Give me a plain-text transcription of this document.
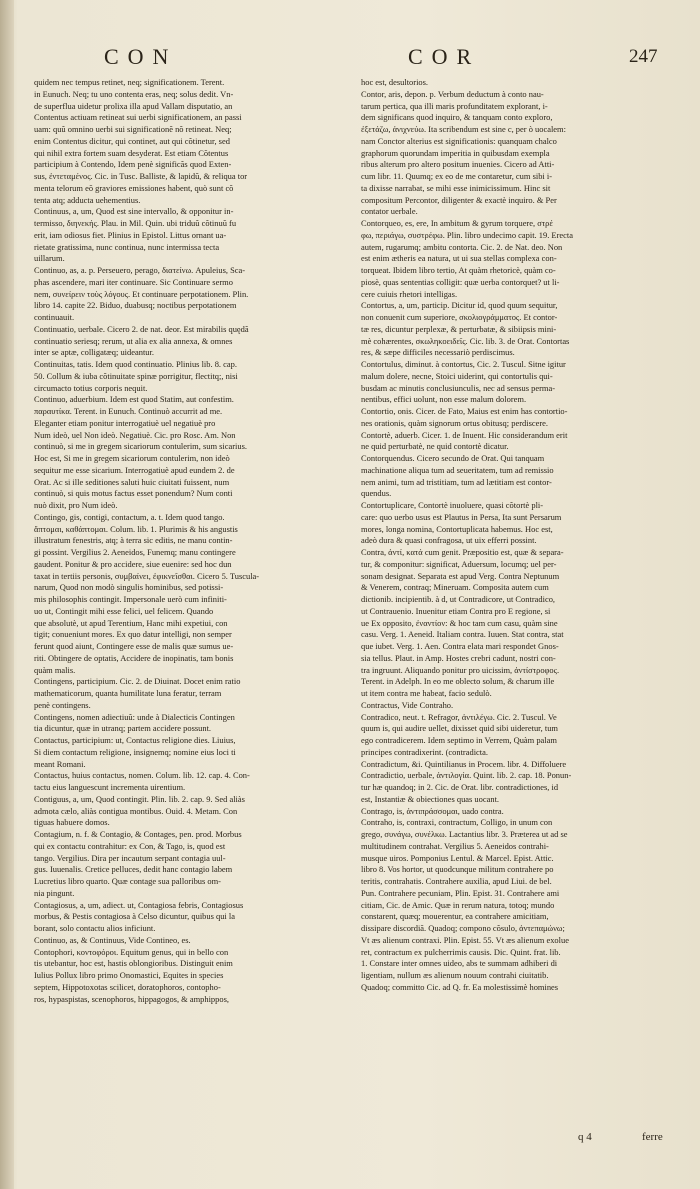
CON	COR	247
quidem nec tempus retinet, neq; significationem. Terent.
in Eunuch. Neq; tu uno contenta eras, neq; solus dedit. Vn-
de superflua uidetur prolixa illa apud Vallam disputatio, an
Contentus actiuam retineat sui uerbi significationem, an passi
uam: quũ omnino uerbi sui significationẽ nõ retineat. Neq;
enim Contentus dicitur, qui continet, aut qui cõtinetur, sed
qui nihil extra fortem suam desyderat. Est etiam Cõtentus
participium à Contendo, Idem penè significãs quod Exten-
sus, ἐντεταμένος. Cic. in Tusc. Balliste, & lapidũ, & reliqua tor
menta telorum eõ graviores emissiones habent, quò sunt cõ
tenta atq; adducta uehementius.
Continuus, a, um, Quod est sine intervallo, & opponitur in-
termisso, διηνεκής. Plau. in Mil. Quin. ubi triduũ cõtinuũ fu
erit, iam odiosus fiet. Plinius in Epistol. Littus ornant ua-
rietate gratissima, nunc continua, nunc intermissa tecta
uillarum.
Continuo, as, a. p. Perseuero, perago, διατείνω. Apuleius, Sca-
phas ascendere, mari iter continuare. Sic Continuare sermo
nem, συνείρειν τοὺς λόγους. Et continuare perpotationem. Plin.
libro 14. capite 22. Biduo, duabusq; noctibus perpotationem
continuauit.
Continuatio, uerbale. Cicero 2. de nat. deor. Est mirabilis quędã
continuatio seriesq; rerum, ut alia ex alia annexa, & omnes
inter se aptæ, colligatæq; uideantur.
Continuitas, tatis. Idem quod continuatio. Plinius lib. 8. cap.
50. Collum & iuba cõtinuitate spinæ porrigitur, flectitq;, nisi
circumacto totius corporis nequit.
Continuo, aduerbium. Idem est quod Statim, aut confestim.
παραυτίκα. Terent. in Eunuch. Continuò accurrit ad me.
Eleganter etiam ponitur interrogatiuè uel negatiuè pro
Num ideò, uel Non ideò. Negatiuè. Cic. pro Rosc. Am. Non
continuò, si me in gregem sicariorum contulerim, sum sicarius.
Hoc est, Si me in gregem sicariorum contulerim, non ideò
sequitur me esse sicarium. Interrogatiuè apud eundem 2. de
Orat. Ac si ille seditiones saluti huic ciuitati fuissent, num
continuò, si quis motus factus esset ponendum? Num conti
nuò dixit, pro Num ideò.
Contingo, gis, contigi, contactum, a. t. Idem quod tango.
ἅπτομαι, καθάπτομαι. Colum. lib. 1. Plurimis & his angustis
illustratum fenestris, atq; à terra sic editis, ne manu contin-
gi possint. Vergilius 2. Aeneidos, Funemq; manu contingere
gaudent. Ponitur & pro accidere, siue euenire: sed hoc dun
taxat in tertiis personis, συμβαίνει, ἐφικνεῖσθαι. Cicero 5. Tuscula-
narum, Quod non modò singulis hominibus, sed potissi-
mis philosophis contingit. Impersonale uerò cum infiniti-
uo ut, Contingit mihi esse felici, uel felicem. Quando
que absolutè, ut apud Terentium, Hanc mihi expetiui, con
tigit; conueniunt mores. Ex quo datur intelligi, non semper
ferunt quod aiunt, Contingere esse de malis quæ sumus ue-
riti. Obtingere de optatis, Accidere de inopinatis, tam bonis
quàm malis.
Contingens, participium. Cic. 2. de Diuinat. Docet enim ratio
mathematicorum, quanta humilitate luna feratur, terram
penè contingens.
Contingens, nomen adiectiuũ: unde à Dialecticis Contingen
tia dicuntur, quæ in utranq; partem accidere possunt.
Contactus, participium: ut, Contactus religione dies. Liuius,
Si diem contactum religione, insignemq; nomine eius loci ti
meant Romani.
Contactus, huius contactus, nomen. Colum. lib. 12. cap. 4. Con-
tactu eius languescunt incrementa uirentium.
Contiguus, a, um, Quod contingit. Plin. lib. 2. cap. 9. Sed aliàs
admota cælo, aliàs contigua montibus. Ouid. 4. Metam. Con
tiguas habuere domos.
Contagium, n. f. & Contagio, & Contages, pen. prod. Morbus
qui ex contactu contrahitur: ex Con, & Tago, is, quod est
tango. Vergilius. Dira per incautum serpant contagia uul-
gus. Iuuenalis. Cretice pelluces, dedit hanc contagio labem
Lucretius libro quarto. Quæ contage sua palloribus om-
nia pingunt.
Contagiosus, a, um, adiect. ut, Contagiosa febris, Contagiosus
morbus, & Pestis contagiosa à Celso dicuntur, quibus qui la
borant, solo contactu alios inficiunt.
Continuo, as, & Continuus, Vide Contineo, es.
Contophori, κοντοφόροι. Equitum genus, qui in bello con
tis utebantur, hoc est, hastis oblongioribus. Distinguit enim
Iulius Pollux libro primo Onomastici, Equites in species
septem, Hippotoxotas scilicet, doratophoros, contopho-
ros, hypaspistas, scenophoros, hippagogos, & amphippos,
hoc est, desultorios.
Contor, aris, depon. p. Verbum deductum à conto nau-
tarum pertica, qua illi maris profunditatem explorant, i-
dem significans quod inquiro, & tanquam conto exploro,
ἐξετάζω, ἀνιχνεύω. Ita scribendum est sine c, per ò uocalem:
nam Conctor alterius est significationis: quanquam chalco
graphorum quorundam imperitia in quibusdam exempla
ribus alterum pro altero positum inuenies. Cicero ad Atti-
cum libr. 11. Quumq; ex eo de me contaretur, cum sibi i-
ta dixisse narrabat, se mihi esse inimicissimum. Hinc sit
compositum Percontor, diligenter & exactè inquiro. & Per
contator uerbale.
Contorqueo, es, ere, In ambitum & gyrum torquere, στρέ
φω, περιάγω, συστρέφω. Plin. libro undecimo capit. 19. Erecta
autem, rugarumq; ambitu contorta. Cic. 2. de Nat. deo. Non
est enim ætheris ea natura, ut ui sua stellas complexa con-
torqueat. Ibidem libro tertio, At quàm rhetoricè, quàm co-
piosè, quas sententias colligit: quæ uerba contorquet? ut li-
cere cuiuis rhetori intelligas.
Contortus, a, um, particip. Dicitur id, quod quum sequitur,
non conuenit cum superiore, σκολιογράμματος. Et contor-
tæ res, dicuntur perplexæ, & perturbatæ, & sibiipsis mini-
mè cohærentes, σκωληκοειδεῖς. Cic. lib. 3. de Orat. Contortas
res, & sæpe difficiles necessariò perdiscimus.
Contortulus, diminut. à contortus, Cic. 2. Tuscul. Sitne igitur
malum dolere, necne, Stoici uiderint, qui contortulis qui-
busdam ac minutis conclusiunculis, nec ad sensus perma-
nentibus, effici uolunt, non esse malum dolorem.
Contortio, onis. Cicer. de Fato, Maius est enim has contortio-
nes orationis, quàm signorum ortus obitusq; perdiscere.
Contortè, aduerb. Cicer. 1. de Inuent. Hic considerandum erit
ne quid perturbatè, ne quid contortè dicatur.
Contorquendus. Cicero secundo de Orat. Qui tanquam
machinatione aliqua tum ad seueritatem, tum ad remissio
nem animi, tum ad tristitiam, tum ad lætitiam est contor-
quendus.
Contortuplicare, Contortè inuoluere, quasi cõtortè pli-
care: quo uerbo usus est Plautus in Persa, Ita sunt Persarum
mores, longa nomina, Contortuplicata habemus. Hoc est,
adeò dura & quasi confragosa, ut uix efferri possint.
Contra, ἀντί, κατά cum genit. Præpositio est, quæ & separa-
tur, & componitur: significat, Aduersum, locumq; uel per-
sonam designat. Separata est apud Verg. Contra Neptunum
& Venerem, contraq; Mineruam. Composita autem cum
dictionib. incipientib. à d, ut Contradicore, ut Contradico,
ut Contrauenio. Inuenitur etiam Contra pro E regione, si
ue Ex opposito, ἐναντίον: & hoc tam cum casu, quàm sine
casu. Verg. 1. Aeneid. Italiam contra. Iuuen. Stat contra, stat
que iubet. Verg. 1. Aen. Contra elata mari respondet Gnos-
sia tellus. Plaut. in Amp. Hostes crebri cadunt, nostri con-
tra ingruunt. Aliquando ponitur pro uicissim, ἀντίστροφος.
Terent. in Adelph. In eo me oblecto solum, & charum ille
ut item contra me habeat, facio sedulò.
Contractus, Vide Contraho.
Contradico, neut. t. Refragor, ἀντιλέγω. Cic. 2. Tuscul. Ve
quum is, qui audire uellet, dixisset quid sibi uideretur, tum
ego contradicerem. Idem septimo in Verrem, Quàm palam
principes contradixerint. (contradicta.
Contradictum, &i. Quintilianus in Procem. libr. 4. Diffoluere
Contradictio, uerbale, ἀντιλογία. Quint. lib. 2. cap. 18. Ponun-
tur hæ quandoq; in 2. Cic. de Orat. libr. contradictiones, id
est, Instantiæ & obiectiones quas uocant.
Contrago, is, ἀντιπράσσομαι, uado contra.
Contraho, is, contraxi, contractum, Colligo, in unum con
grego, συνάγω, συνέλκω. Lactantius libr. 3. Præterea ut ad se
multitudinem contrahat. Vergilius 5. Aeneidos contrahi-
musque uiros. Pomponius Lentul. & Marcel. Epist. Attic.
libro 8. Vos hortor, ut quodcunque militum contrahere po
teritis, contrahatis. Contrahere auxilia, apud Liui. de bel.
Pun. Contrahere pecuniam, Plin. Epist. 31. Contrahere ami
citiam, Cic. de Amic. Quæ in rerum natura, totoq; mundo
constarent, quæq; mouerentur, ea contrahere amicitiam,
dissipare discordiã. Quadoq; compono cõsulo, ἀντεπαμώνω;
Vt æs alienum contraxi. Plin. Epist. 55. Vt æs alienum exolue
ret, contractum ex pulcherrimis causis. Dic. Quint. frat. lib.
1. Constare inter omnes uideo, abs te summam adhiberi di
ligentiam, nullum æs alienum nouum contrahi ciuitatib.
Quadoq; committo Cic. ad Q. fr. Ea molestissimè homines
q 4	ferre
